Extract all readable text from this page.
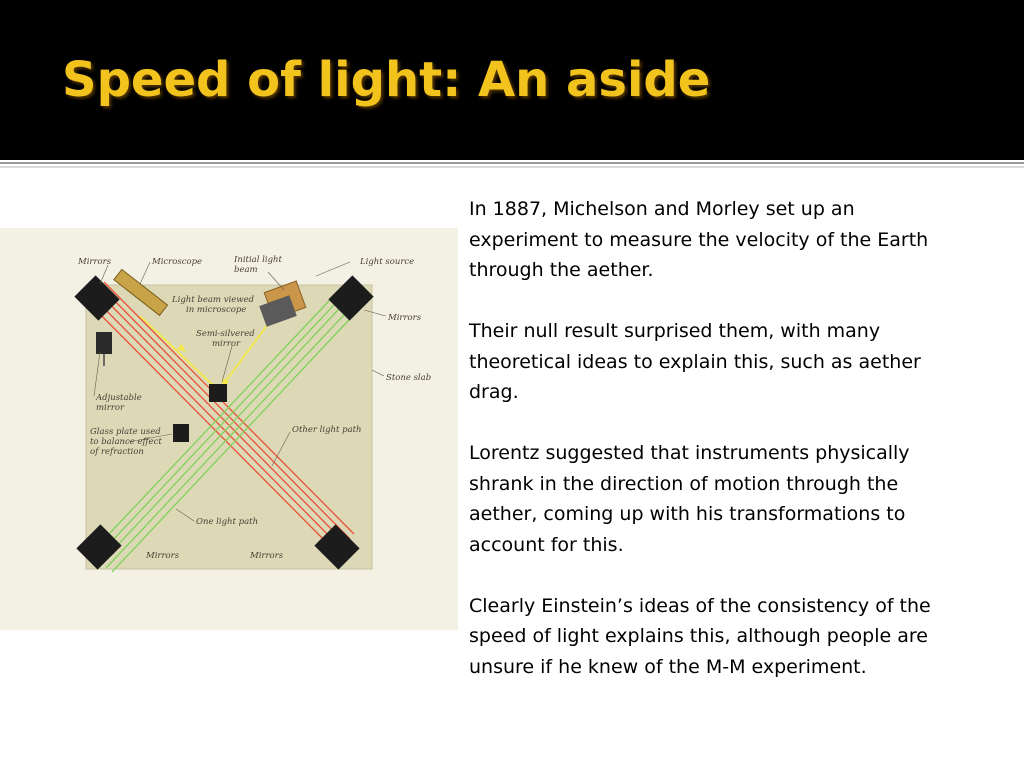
Speed of light: An aside
Mirrors	Microscope	Initial light
beam
Light source
Light beam viewed
in microscope
Semi-silvered
mirror
Mirrors
Stone slab
Adjustable
mirror
Glass plate used
to balance effect
of refraction
Other light path
One light path
Mirrors	Mirrors

In 1887, Michelson and Morley set up an experiment to measure the velocity of the Earth through the aether.

Their null result surprised them, with many theoretical ideas to explain this, such as aether drag.

Lorentz suggested that instruments physically shrank in the direction of motion through the aether, coming up with his transformations to account for this.

Clearly Einstein’s ideas of the consistency of the speed of light explains this, although people are unsure if he knew of the M-M experiment.
